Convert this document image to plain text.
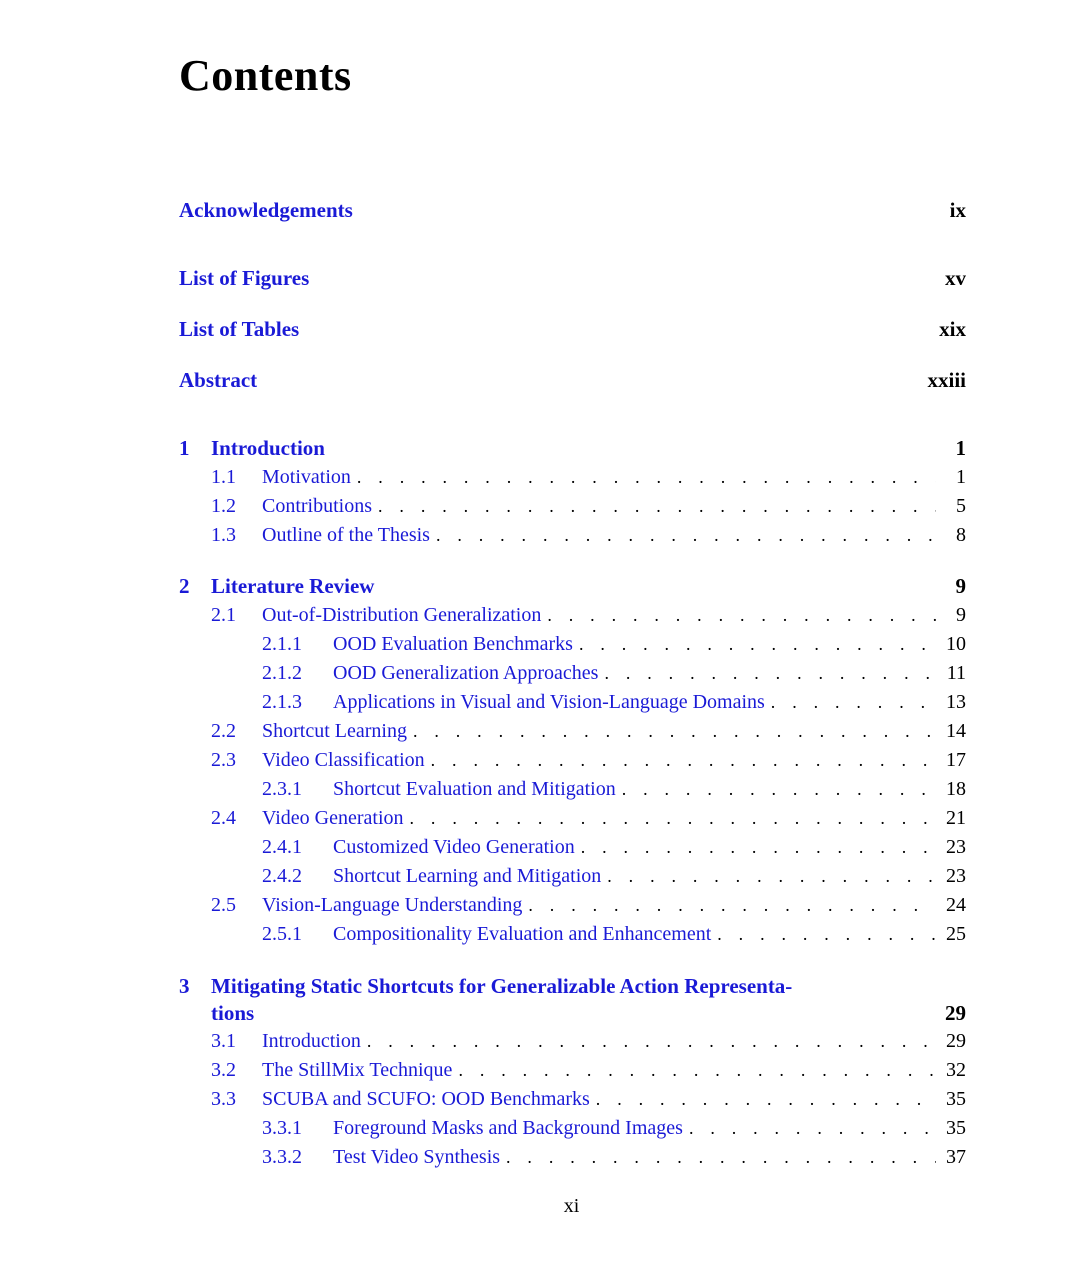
Contents
Acknowledgements	ix
List of Figures	xv
List of Tables	xix
Abstract	xxiii
1	Introduction	1
1.1	Motivation . . .	1
1.2	Contributions . . .	5
1.3	Outline of the Thesis . . .	8
2	Literature Review	9
2.1	Out-of-Distribution Generalization . . .	9
2.1.1	OOD Evaluation Benchmarks . . .	10
2.1.2	OOD Generalization Approaches . . .	11
2.1.3	Applications in Visual and Vision-Language Domains . . .	13
2.2	Shortcut Learning . . .	14
2.3	Video Classification . . .	17
2.3.1	Shortcut Evaluation and Mitigation . . .	18
2.4	Video Generation . . .	21
2.4.1	Customized Video Generation . . .	23
2.4.2	Shortcut Learning and Mitigation . . .	23
2.5	Vision-Language Understanding . . .	24
2.5.1	Compositionality Evaluation and Enhancement . . .	25
3 Mitigating Static Shortcuts for Generalizable Action Representa-
tions	29
3.1	Introduction . . .	29
3.2	The StillMix Technique . . .	32
3.3	SCUBA and SCUFO: OOD Benchmarks . . .	35
3.3.1	Foreground Masks and Background Images . . .	35
3.3.2	Test Video Synthesis . . .	37
xi
